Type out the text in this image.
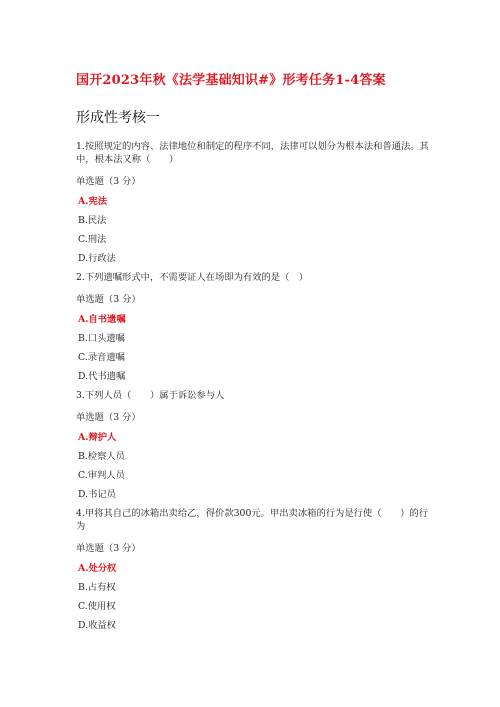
国开2023年秋《法学基础知识#》形考任务1-4答案
形成性考核一

1.按照规定的内容、法律地位和制定的程序不同，法律可以划分为根本法和普通法。其中，根本法又称（　　）

单选题（3 分）

A.宪法

B.民法

C.刑法

D.行政法

2.下列遗嘱形式中，不需要证人在场即为有效的是（　）

单选题（3 分）

A.自书遗嘱

B.口头遗嘱

C.录音遗嘱

D.代书遗嘱

3.下列人员（　　）属于诉讼参与人

单选题（3 分）

A.辩护人

B.检察人员

C.审判人员

D.书记员

4.甲将其自己的冰箱出卖给乙，得价款300元。甲出卖冰箱的行为是行使（　　）的行为

单选题（3 分）

A.处分权

B.占有权

C.使用权

D.收益权
